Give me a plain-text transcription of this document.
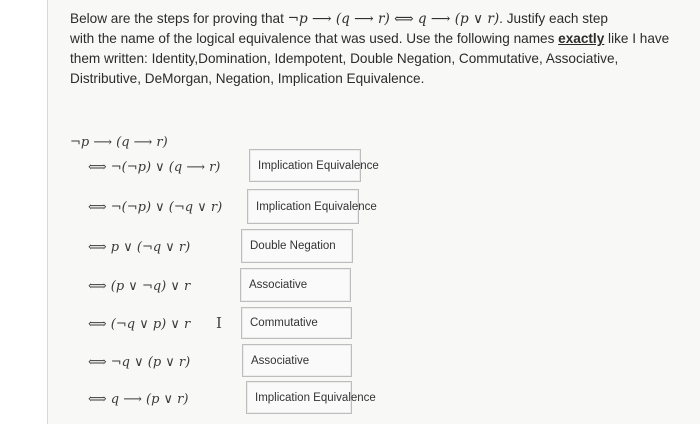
Below are the steps for proving that ¬p ⟶ (q ⟶ r) ⟺ q ⟶ (p ∨ r). Justify each step
with the name of the logical equivalence that was used. Use the following names exactly like I have
them written: Identity,Domination, Idempotent, Double Negation, Commutative, Associative,
Distributive, DeMorgan, Negation, Implication Equivalence.
¬p ⟶ (q ⟶ r)
⟺ ¬(¬p) ∨ (q ⟶ r)	Implication Equivalence
⟺ ¬(¬p) ∨ (¬q ∨ r)	Implication Equivalence
⟺ p ∨ (¬q ∨ r)	Double Negation
⟺ (p ∨ ¬q) ∨ r	Associative
⟺ (¬q ∨ p) ∨ r I	Commutative
⟺ ¬q ∨ (p ∨ r)	Associative
⟺ q ⟶ (p ∨ r)	Implication Equivalence
